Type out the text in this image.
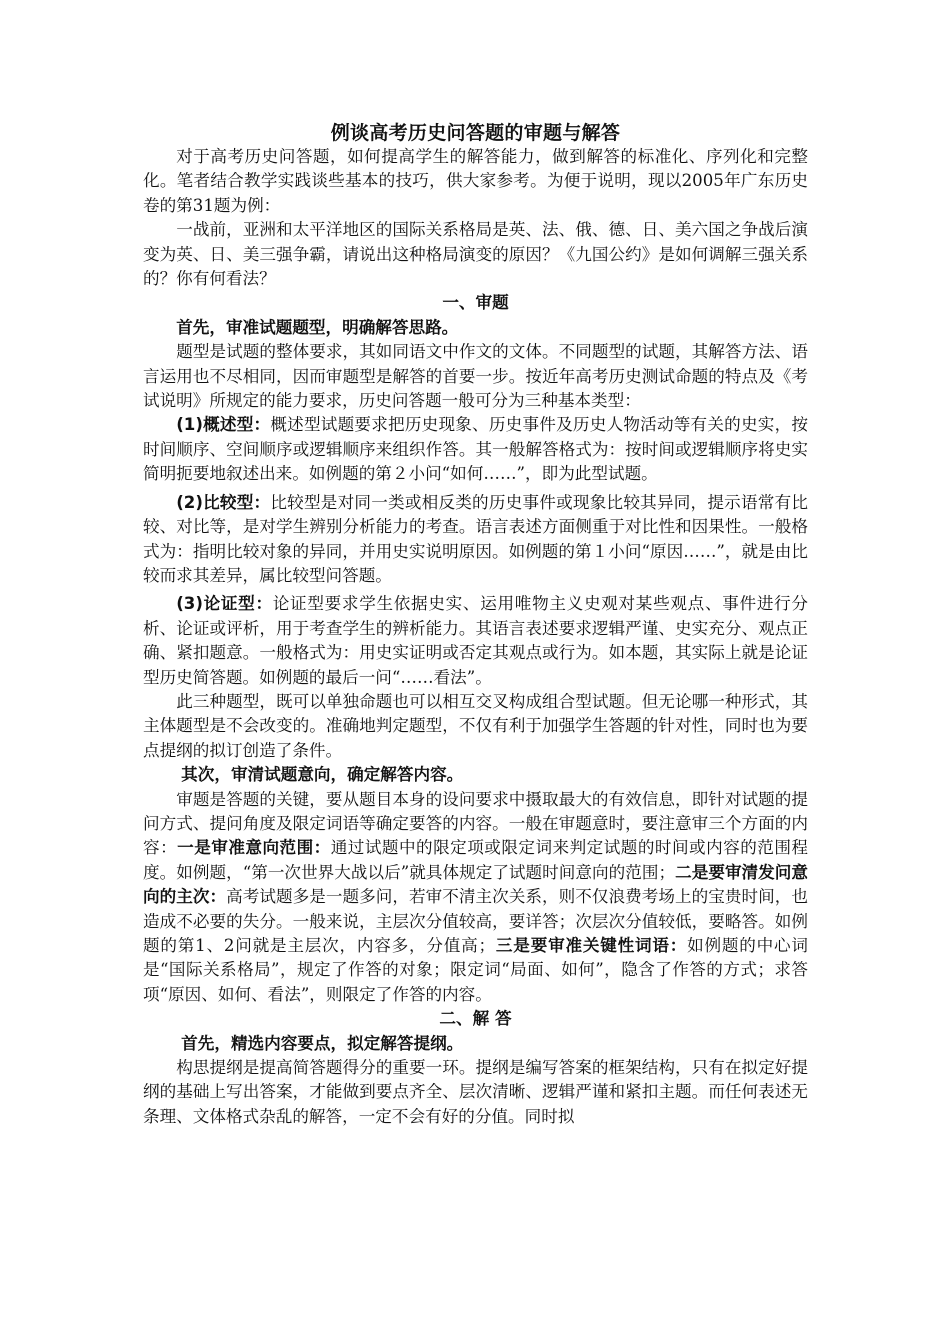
例谈高考历史问答题的审题与解答

对于高考历史问答题，如何提高学生的解答能力，做到解答的标准化、序列化和完整化。笔者结合教学实践谈些基本的技巧，供大家参考。为便于说明，现以2005年广东历史卷的第31题为例：

一战前，亚洲和太平洋地区的国际关系格局是英、法、俄、德、日、美六国之争战后演变为英、日、美三强争霸，请说出这种格局演变的原因？《九国公约》是如何调解三强关系的？你有何看法？

一、审题

首先，审准试题题型，明确解答思路。

题型是试题的整体要求，其如同语文中作文的文体。不同题型的试题，其解答方法、语言运用也不尽相同，因而审题型是解答的首要一步。按近年高考历史测试命题的特点及《考试说明》所规定的能力要求，历史问答题一般可分为三种基本类型：

(1)概述型：概述型试题要求把历史现象、历史事件及历史人物活动等有关的史实，按时间顺序、空间顺序或逻辑顺序来组织作答。其一般解答格式为：按时间或逻辑顺序将史实简明扼要地叙述出来。如例题的第２小问“如何……”，即为此型试题。

(2)比较型：比较型是对同一类或相反类的历史事件或现象比较其异同，提示语常有比较、对比等，是对学生辨别分析能力的考查。语言表述方面侧重于对比性和因果性。一般格式为：指明比较对象的异同，并用史实说明原因。如例题的第１小问“原因……”，就是由比较而求其差异，属比较型问答题。

(3)论证型：论证型要求学生依据史实、运用唯物主义史观对某些观点、事件进行分析、论证或评析，用于考查学生的辨析能力。其语言表述要求逻辑严谨、史实充分、观点正确、紧扣题意。一般格式为：用史实证明或否定其观点或行为。如本题，其实际上就是论证型历史简答题。如例题的最后一问“……看法”。

此三种题型，既可以单独命题也可以相互交叉构成组合型试题。但无论哪一种形式，其主体题型是不会改变的。准确地判定题型，不仅有利于加强学生答题的针对性，同时也为要点提纲的拟订创造了条件。

其次，审清试题意向，确定解答内容。

审题是答题的关键，要从题目本身的设问要求中摄取最大的有效信息，即针对试题的提问方式、提问角度及限定词语等确定要答的内容。一般在审题意时，要注意审三个方面的内容：一是审准意向范围：通过试题中的限定项或限定词来判定试题的时间或内容的范围程度。如例题，“第一次世界大战以后”就具体规定了试题时间意向的范围；二是要审清发问意向的主次：高考试题多是一题多问，若审不清主次关系，则不仅浪费考场上的宝贵时间，也造成不必要的失分。一般来说，主层次分值较高，要详答；次层次分值较低，要略答。如例题的第1、2问就是主层次，内容多，分值高；三是要审准关键性词语：如例题的中心词是“国际关系格局”，规定了作答的对象；限定词“局面、如何”，隐含了作答的方式；求答项“原因、如何、看法”，则限定了作答的内容。

二、解 答

首先，精选内容要点，拟定解答提纲。

构思提纲是提高简答题得分的重要一环。提纲是编写答案的框架结构，只有在拟定好提纲的基础上写出答案，才能做到要点齐全、层次清晰、逻辑严谨和紧扣主题。而任何表述无条理、文体格式杂乱的解答，一定不会有好的分值。同时拟
